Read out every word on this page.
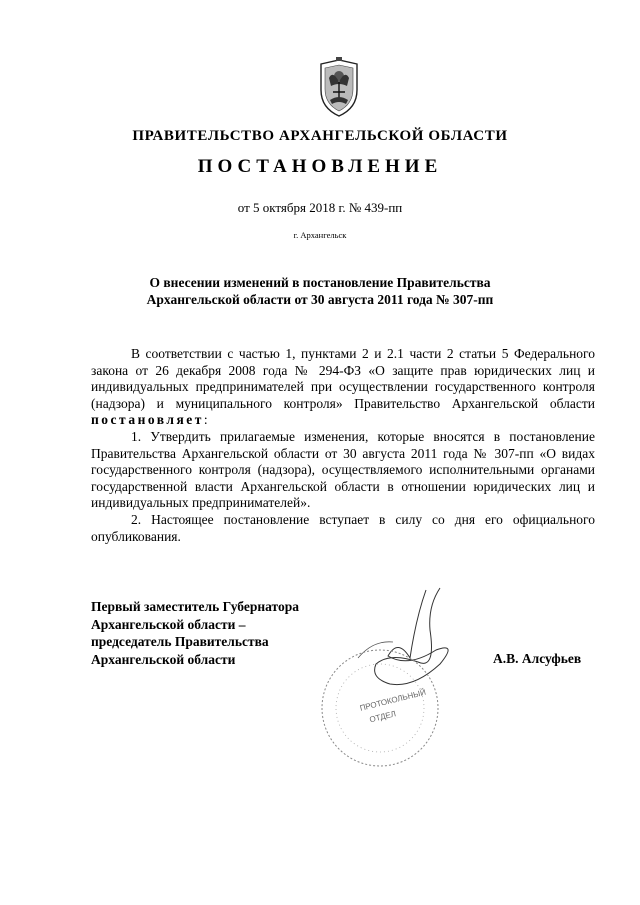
ПРАВИТЕЛЬСТВО АРХАНГЕЛЬСКОЙ ОБЛАСТИ
ПОСТАНОВЛЕНИЕ
от 5 октября 2018 г. № 439-пп
г. Архангельск
О внесении изменений в постановление Правительства
Архангельской области от 30 августа 2011 года № 307-пп

В соответствии с частью 1, пунктами 2 и 2.1 части 2 статьи 5 Федерального закона от 26 декабря 2008 года № 294-ФЗ «О защите прав юридических лиц и индивидуальных предпринимателей при осуществлении государственного контроля (надзора) и муниципального контроля» Правительство Архангельской области постановляет:

1. Утвердить прилагаемые изменения, которые вносятся в постановление Правительства Архангельской области от 30 августа 2011 года № 307-пп «О видах государственного контроля (надзора), осуществляемого исполнительными органами государственной власти Архангельской области в отношении юридических лиц и индивидуальных предпринимателей».

2. Настоящее постановление вступает в силу со дня его официального опубликования.

Первый заместитель Губернатора
Архангельской области –
председатель Правительства
Архангельской области	А.В. Алсуфьев
ПРОТОКОЛЬНЫЙ
ОТДЕЛ
